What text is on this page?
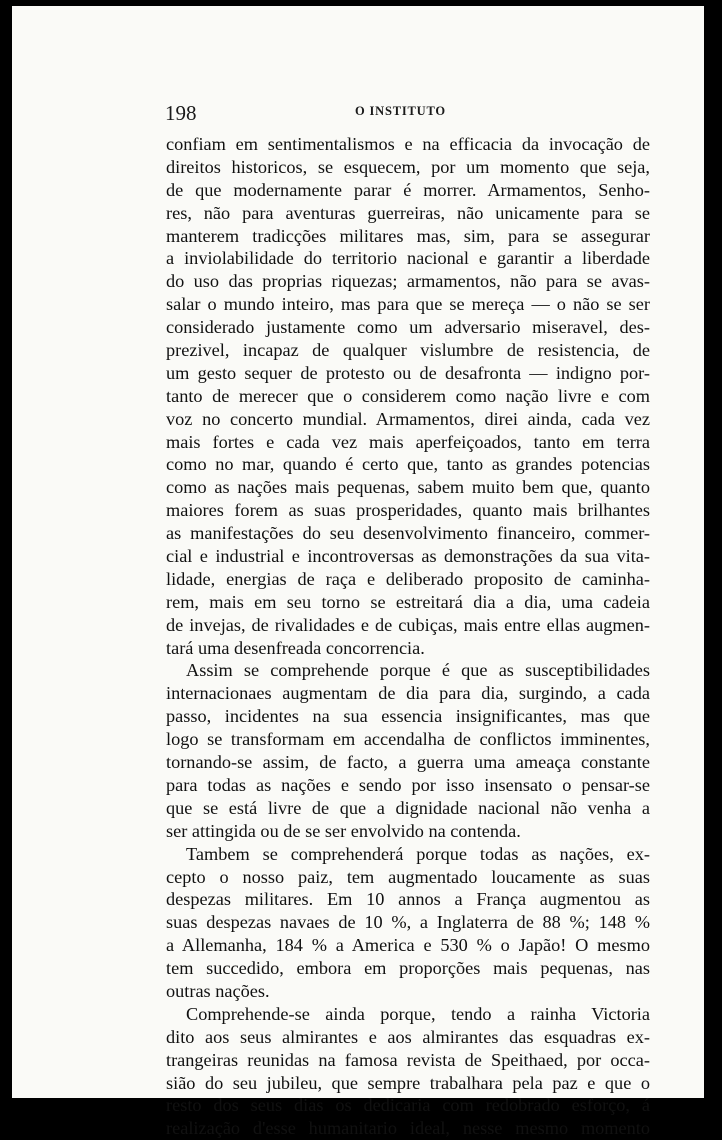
198	O INSTITUTO
confiam em sentimentalismos e na efficacia da invocação de
direitos historicos, se esquecem, por um momento que seja,
de que modernamente parar é morrer. Armamentos, Senho-
res, não para aventuras guerreiras, não unicamente para se
manterem tradicções militares mas, sim, para se assegurar
a inviolabilidade do territorio nacional e garantir a liberdade
do uso das proprias riquezas; armamentos, não para se avas-
salar o mundo inteiro, mas para que se mereça — o não se ser
considerado justamente como um adversario miseravel, des-
prezivel, incapaz de qualquer vislumbre de resistencia, de
um gesto sequer de protesto ou de desafronta — indigno por-
tanto de merecer que o considerem como nação livre e com
voz no concerto mundial. Armamentos, direi ainda, cada vez
mais fortes e cada vez mais aperfeiçoados, tanto em terra
como no mar, quando é certo que, tanto as grandes potencias
como as nações mais pequenas, sabem muito bem que, quanto
maiores forem as suas prosperidades, quanto mais brilhantes
as manifestações do seu desenvolvimento financeiro, commer-
cial e industrial e incontroversas as demonstrações da sua vita-
lidade, energias de raça e deliberado proposito de caminha-
rem, mais em seu torno se estreitará dia a dia, uma cadeia
de invejas, de rivalidades e de cubiças, mais entre ellas augmen-
tará uma desenfreada concorrencia.
Assim se comprehende porque é que as susceptibilidades
internacionaes augmentam de dia para dia, surgindo, a cada
passo, incidentes na sua essencia insignificantes, mas que
logo se transformam em accendalha de conflictos imminentes,
tornando-se assim, de facto, a guerra uma ameaça constante
para todas as nações e sendo por isso insensato o pensar-se
que se está livre de que a dignidade nacional não venha a
ser attingida ou de se ser envolvido na contenda.
Tambem se comprehenderá porque todas as nações, ex-
cepto o nosso paiz, tem augmentado loucamente as suas
despezas militares. Em 10 annos a França augmentou as
suas despezas navaes de 10 %, a Inglaterra de 88 %; 148 %
a Allemanha, 184 % a America e 530 % o Japão! O mesmo
tem succedido, embora em proporções mais pequenas, nas
outras nações.
Comprehende-se ainda porque, tendo a rainha Victoria
dito aos seus almirantes e aos almirantes das esquadras ex-
trangeiras reunidas na famosa revista de Speithaed, por occa-
sião do seu jubileu, que sempre trabalhara pela paz e que o
resto dos seus dias os dedicaria com redobrado esforço, á
realização d'esse humanitario ideal, nesse mesmo momento
